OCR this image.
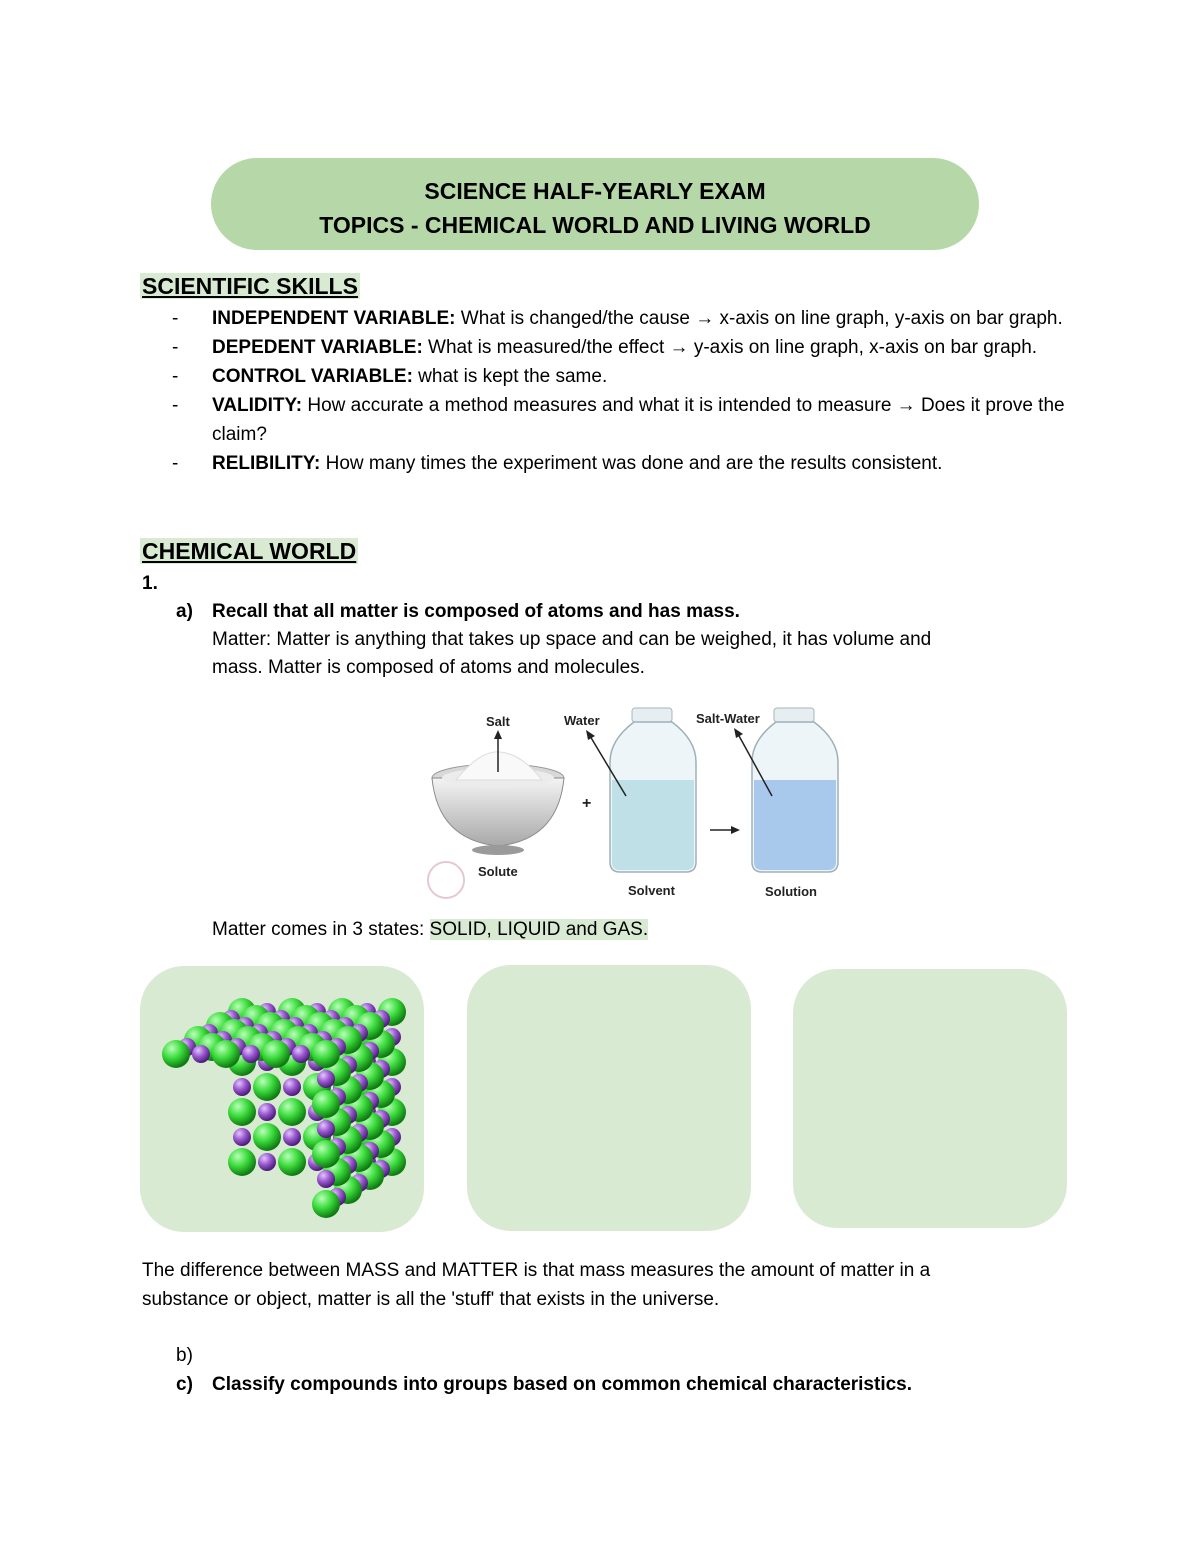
SCIENCE HALF-YEARLY EXAM
TOPICS - CHEMICAL WORLD AND LIVING WORLD
SCIENTIFIC SKILLS
- INDEPENDENT VARIABLE: What is changed/the cause → x-axis on line graph, y-axis on bar graph.
- DEPEDENT VARIABLE: What is measured/the effect → y-axis on line graph, x-axis on bar graph.
- CONTROL VARIABLE: what is kept the same.
- VALIDITY: How accurate a method measures and what it is intended to measure → Does it prove the claim?
- RELIBILITY: How many times the experiment was done and are the results consistent.
CHEMICAL WORLD
1.
a) Recall that all matter is composed of atoms and has mass.
Matter: Matter is anything that takes up space and can be weighed, it has volume and
mass. Matter is composed of atoms and molecules.
Salt
+
Water	Salt-Water
Solute
Solvent	Solution
Matter comes in 3 states: SOLID, LIQUID and GAS.
The difference between MASS and MATTER is that mass measures the amount of matter in a
substance or object, matter is all the 'stuff' that exists in the universe.
b)
c) Classify compounds into groups based on common chemical characteristics.
